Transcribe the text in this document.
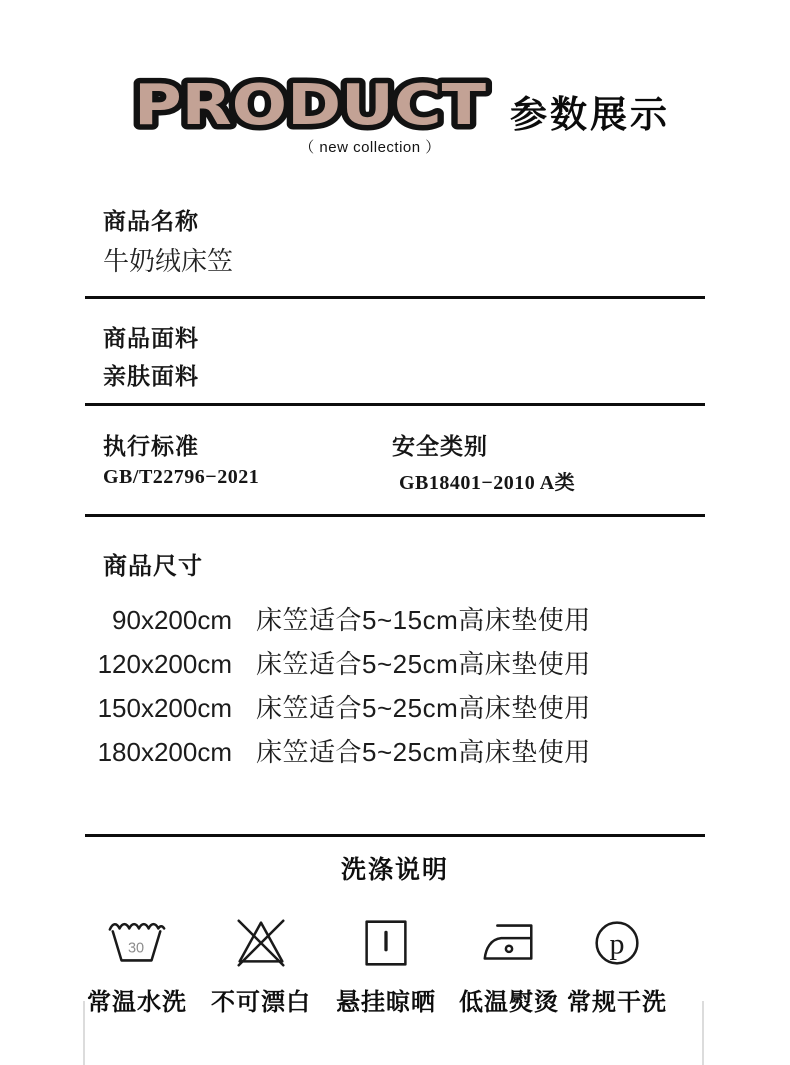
PRODUCT 参数展示
（ new collection ）
商品名称
牛奶绒床笠
商品面料
亲肤面料
执行标准	安全类别
GB/T22796−2021	GB18401−2010 A类
商品尺寸
90x200cm 床笠适合5~15cm高床垫使用
120x200cm 床笠适合5~25cm高床垫使用
150x200cm 床笠适合5~25cm高床垫使用
180x200cm 床笠适合5~25cm高床垫使用
洗涤说明
30
常温水洗	不可漂白	悬挂晾晒 低温熨烫
p
常规干洗
